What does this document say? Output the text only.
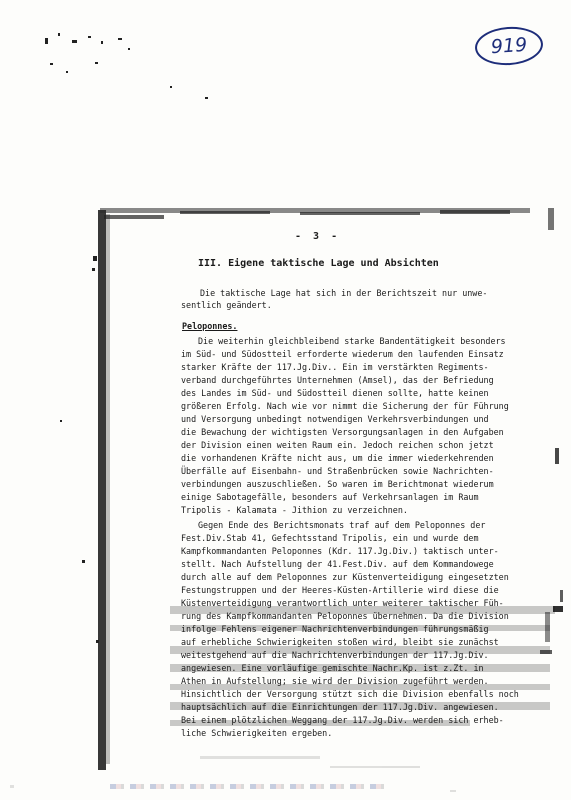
919
- 3 -
III. Eigene taktische Lage und Absichten
Die taktische Lage hat sich in der Berichtszeit nur unwe-
sentlich geändert.
Peloponnes.
Die weiterhin gleichbleibend starke Bandentätigkeit besonders
im Süd- und Südostteil erforderte wiederum den laufenden Einsatz
starker Kräfte der 117.Jg.Div.. Ein im verstärkten Regiments-
verband durchgeführtes Unternehmen (Amsel), das der Befriedung
des Landes im Süd- und Südostteil dienen sollte, hatte keinen
größeren Erfolg. Nach wie vor nimmt die Sicherung der für Führung
und Versorgung unbedingt notwendigen Verkehrsverbindungen und
die Bewachung der wichtigsten Versorgungsanlagen in den Aufgaben
der Division einen weiten Raum ein. Jedoch reichen schon jetzt
die vorhandenen Kräfte nicht aus, um die immer wiederkehrenden
Überfälle auf Eisenbahn- und Straßenbrücken sowie Nachrichten-
verbindungen auszuschließen. So waren im Berichtmonat wiederum
einige Sabotagefälle, besonders auf Verkehrsanlagen im Raum
Tripolis - Kalamata - Jithion zu verzeichnen.
Gegen Ende des Berichtsmonats traf auf dem Peloponnes der
Fest.Div.Stab 41, Gefechtsstand Tripolis, ein und wurde dem
Kampfkommandanten Peloponnes (Kdr. 117.Jg.Div.) taktisch unter-
stellt. Nach Aufstellung der 41.Fest.Div. auf dem Kommandowege
durch alle auf dem Peloponnes zur Küstenverteidigung eingesetzten
Festungstruppen und der Heeres-Küsten-Artillerie wird diese die
Küstenverteidigung verantwortlich unter weiterer taktischer Füh-
rung des Kampfkommandanten Peloponnes übernehmen. Da die Division
infolge Fehlens eigener Nachrichtenverbindungen führungsmäßig
auf erhebliche Schwierigkeiten stoßen wird, bleibt sie zunächst
weitestgehend auf die Nachrichtenverbindungen der 117.Jg.Div.
angewiesen. Eine vorläufige gemischte Nachr.Kp. ist z.Zt. in
Athen in Aufstellung; sie wird der Division zugeführt werden.
Hinsichtlich der Versorgung stützt sich die Division ebenfalls noch
hauptsächlich auf die Einrichtungen der 117.Jg.Div. angewiesen.
Bei einem plötzlichen Weggang der 117.Jg.Div. werden sich erheb-
liche Schwierigkeiten ergeben.
